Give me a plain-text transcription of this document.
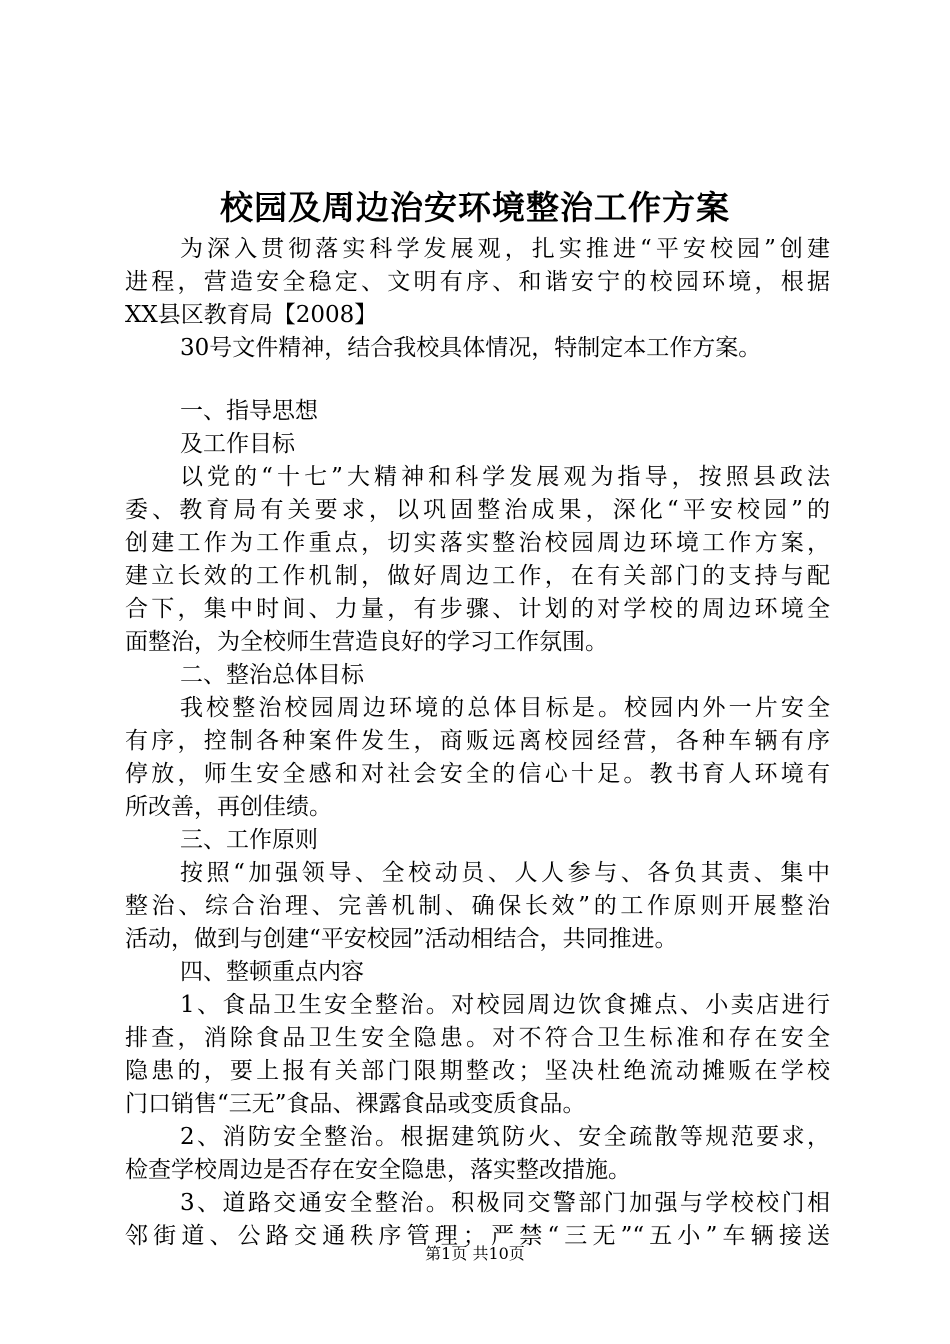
校园及周边治安环境整治工作方案
为深入贯彻落实科学发展观，扎实推进“平安校园”创建
进程，营造安全稳定、文明有序、和谐安宁的校园环境，根据
XX县区教育局【2008】
30号文件精神，结合我校具体情况，特制定本工作方案。
一、指导思想
及工作目标
以党的“十七”大精神和科学发展观为指导，按照县政法
委、教育局有关要求，以巩固整治成果，深化“平安校园”的
创建工作为工作重点，切实落实整治校园周边环境工作方案，
建立长效的工作机制，做好周边工作，在有关部门的支持与配
合下，集中时间、力量，有步骤、计划的对学校的周边环境全
面整治，为全校师生营造良好的学习工作氛围。
二、整治总体目标
我校整治校园周边环境的总体目标是。校园内外一片安全
有序，控制各种案件发生，商贩远离校园经营，各种车辆有序
停放，师生安全感和对社会安全的信心十足。教书育人环境有
所改善，再创佳绩。
三、工作原则
按照“加强领导、全校动员、人人参与、各负其责、集中
整治、综合治理、完善机制、确保长效”的工作原则开展整治
活动，做到与创建“平安校园”活动相结合，共同推进。
四、整顿重点内容
1、食品卫生安全整治。对校园周边饮食摊点、小卖店进行
排查，消除食品卫生安全隐患。对不符合卫生标准和存在安全
隐患的，要上报有关部门限期整改；坚决杜绝流动摊贩在学校
门口销售“三无”食品、裸露食品或变质食品。
2、消防安全整治。根据建筑防火、安全疏散等规范要求，
检查学校周边是否存在安全隐患，落实整改措施。
3、道路交通安全整治。积极同交警部门加强与学校校门相
邻街道、公路交通秩序管理；严禁“三无”“五小”车辆接送
第1页 共10页
